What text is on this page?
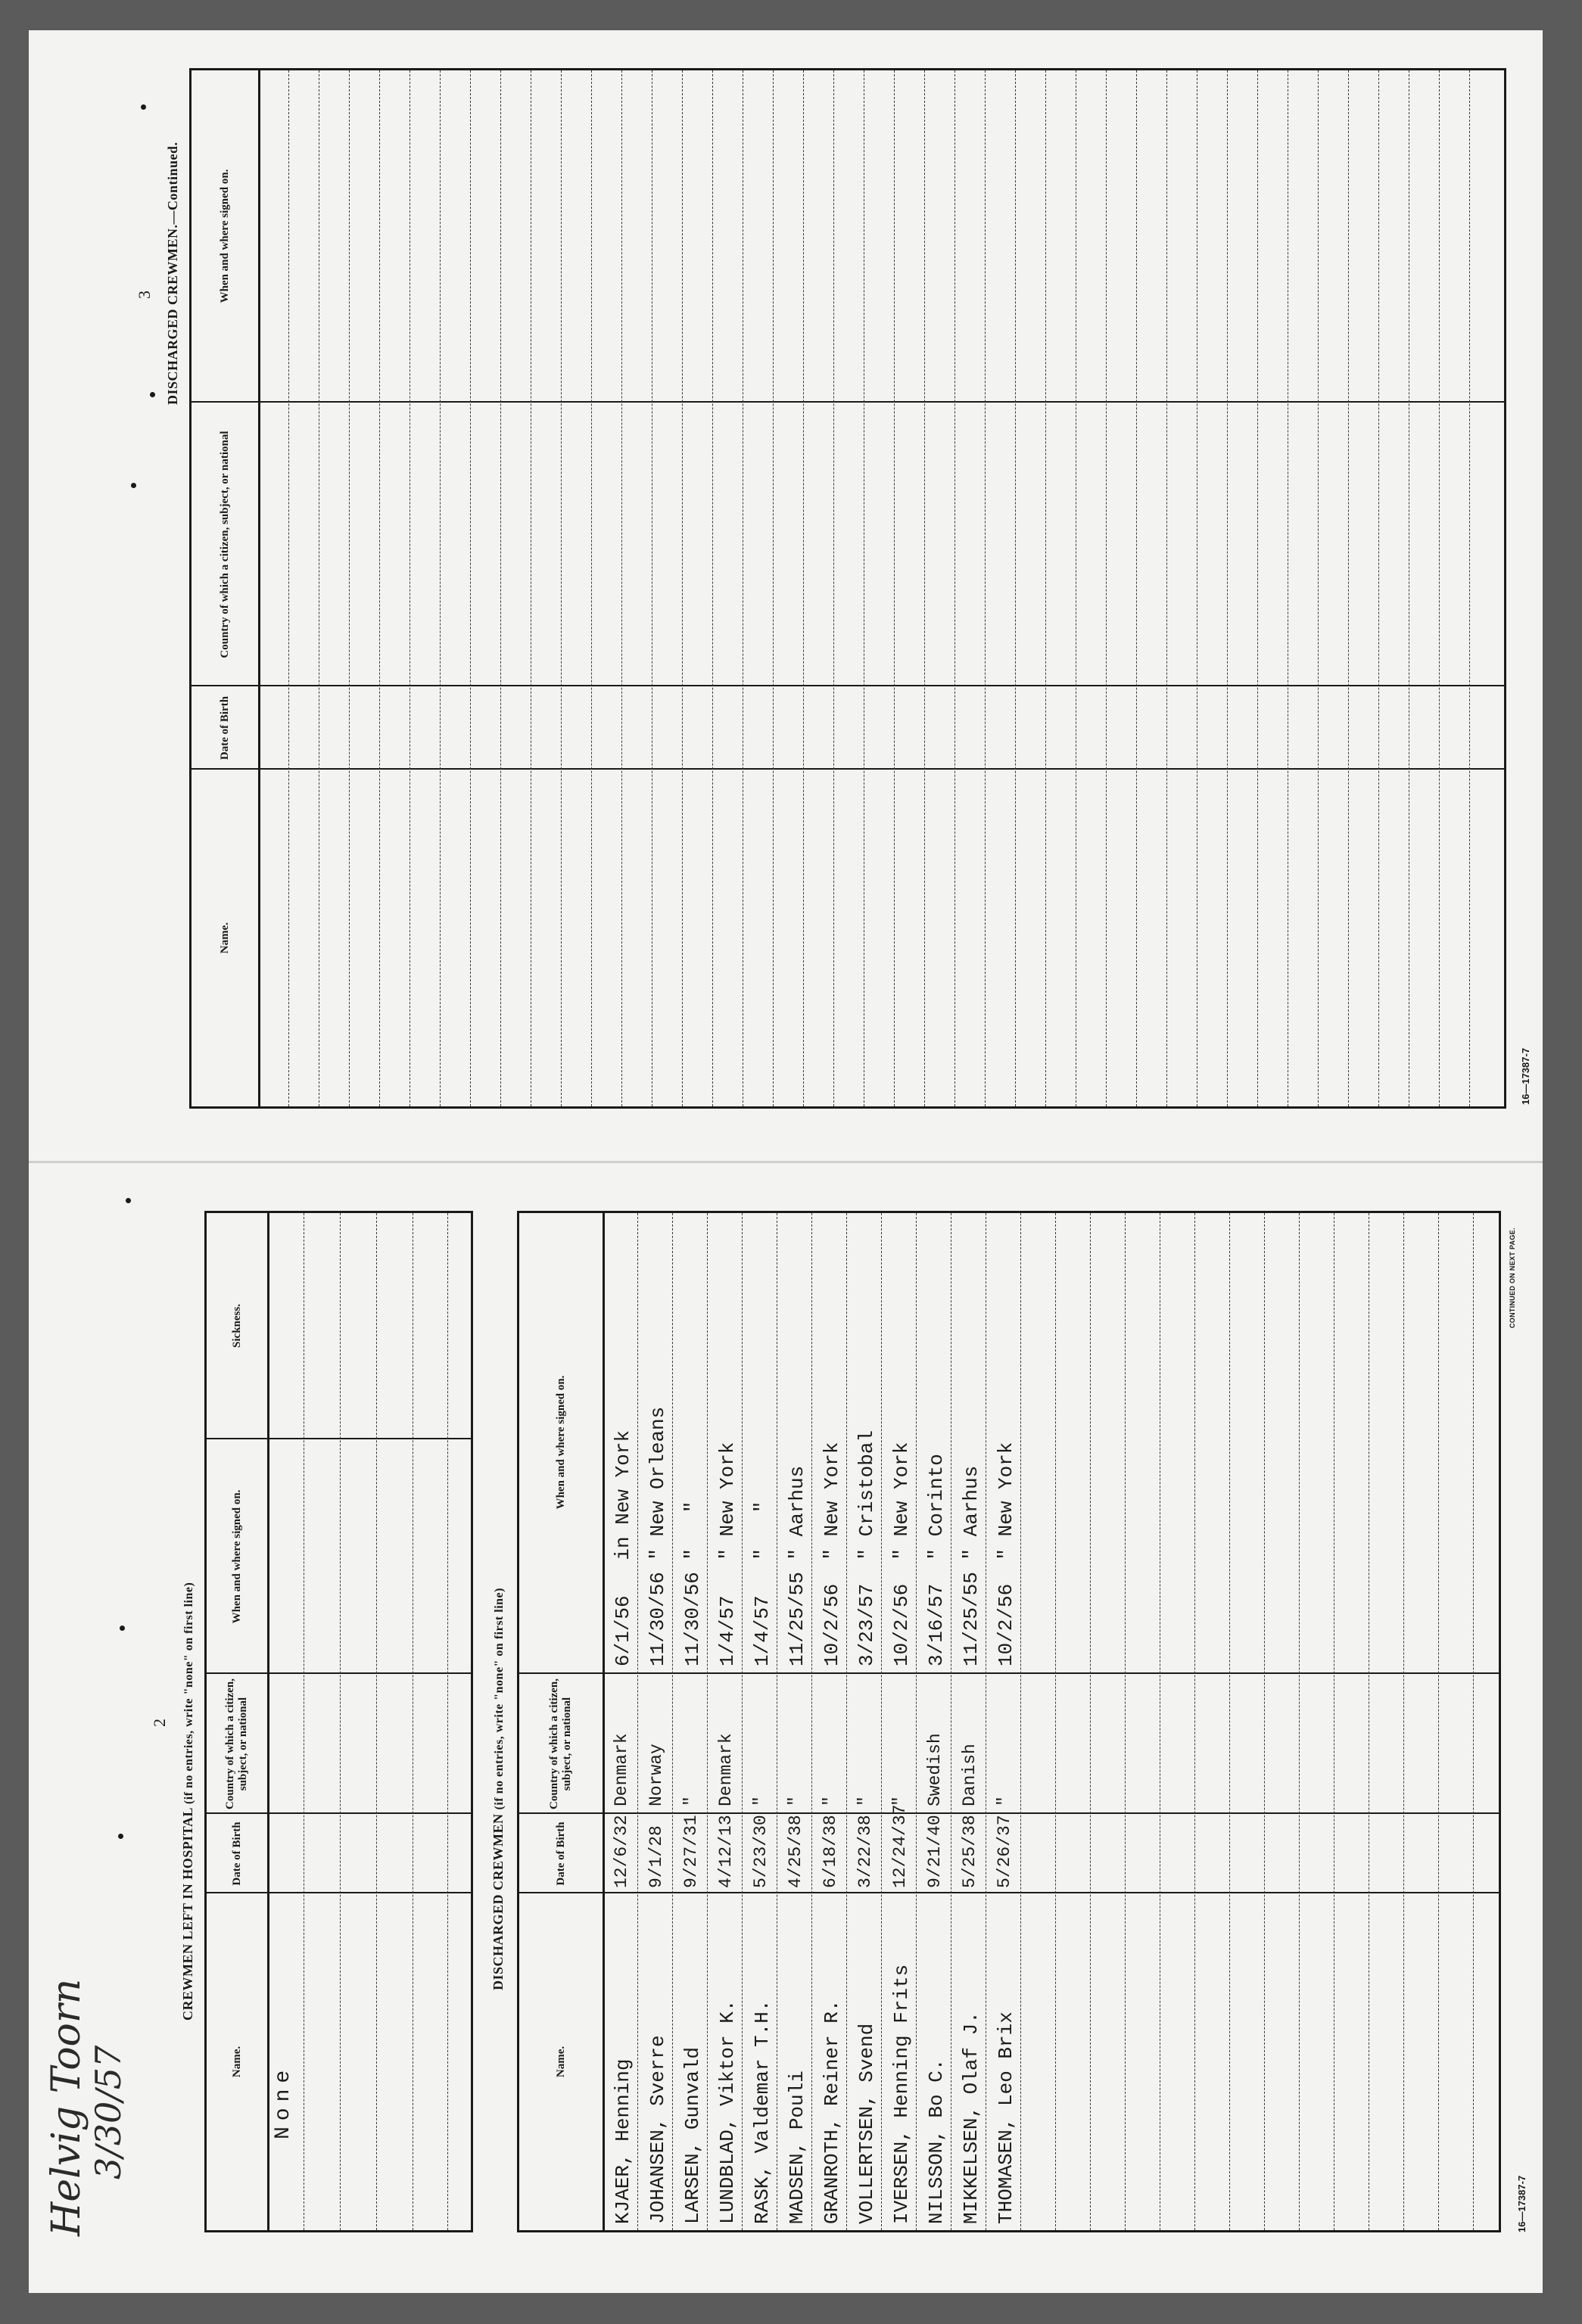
Helvig Toorn
3/30/57
2
CREWMEN LEFT IN HOSPITAL (if no entries, write "none" on first line)
Name.
Date of Birth
Country of which a citizen, subject, or national
When and where signed on.
Sickness.
None
DISCHARGED CREWMEN (if no entries, write "none" on first line)
Name.
Date of Birth
Country of which a citizen, subject, or national
When and where signed on.
KJAER, Henning
12/6/32
Denmark
6/1/56   in New York
JOHANSEN, Sverre
9/1/28
Norway
11/30/56 " New Orleans
LARSEN, Gunvald
9/27/31
"
11/30/56 "   "
LUNDBLAD, Viktor K.
4/12/13
Denmark
1/4/57   " New York
RASK, Valdemar T.H.
5/23/30
"
1/4/57   "   "
MADSEN, Pouli
4/25/38
"
11/25/55 " Aarhus
GRANROTH, Reiner R.
6/18/38
"
10/2/56  " New York
VOLLERTSEN, Svend
3/22/38
"
3/23/57  " Cristobal
IVERSEN, Henning Frits
12/24/37
"
10/2/56  " New York
NILSSON, Bo C.
9/21/40
Swedish
3/16/57  " Corinto
MIKKELSEN, Olaf J.
5/25/38
Danish
11/25/55 " Aarhus
THOMASEN, Leo Brix
5/26/37
"
10/2/56  " New York
16—17387-7
CONTINUED ON NEXT PAGE.
3 DISCHARGED CREWMEN.—Continued.
Name.
Date of Birth
Country of which a citizen, subject, or national
When and where signed on.
16—17387-7
